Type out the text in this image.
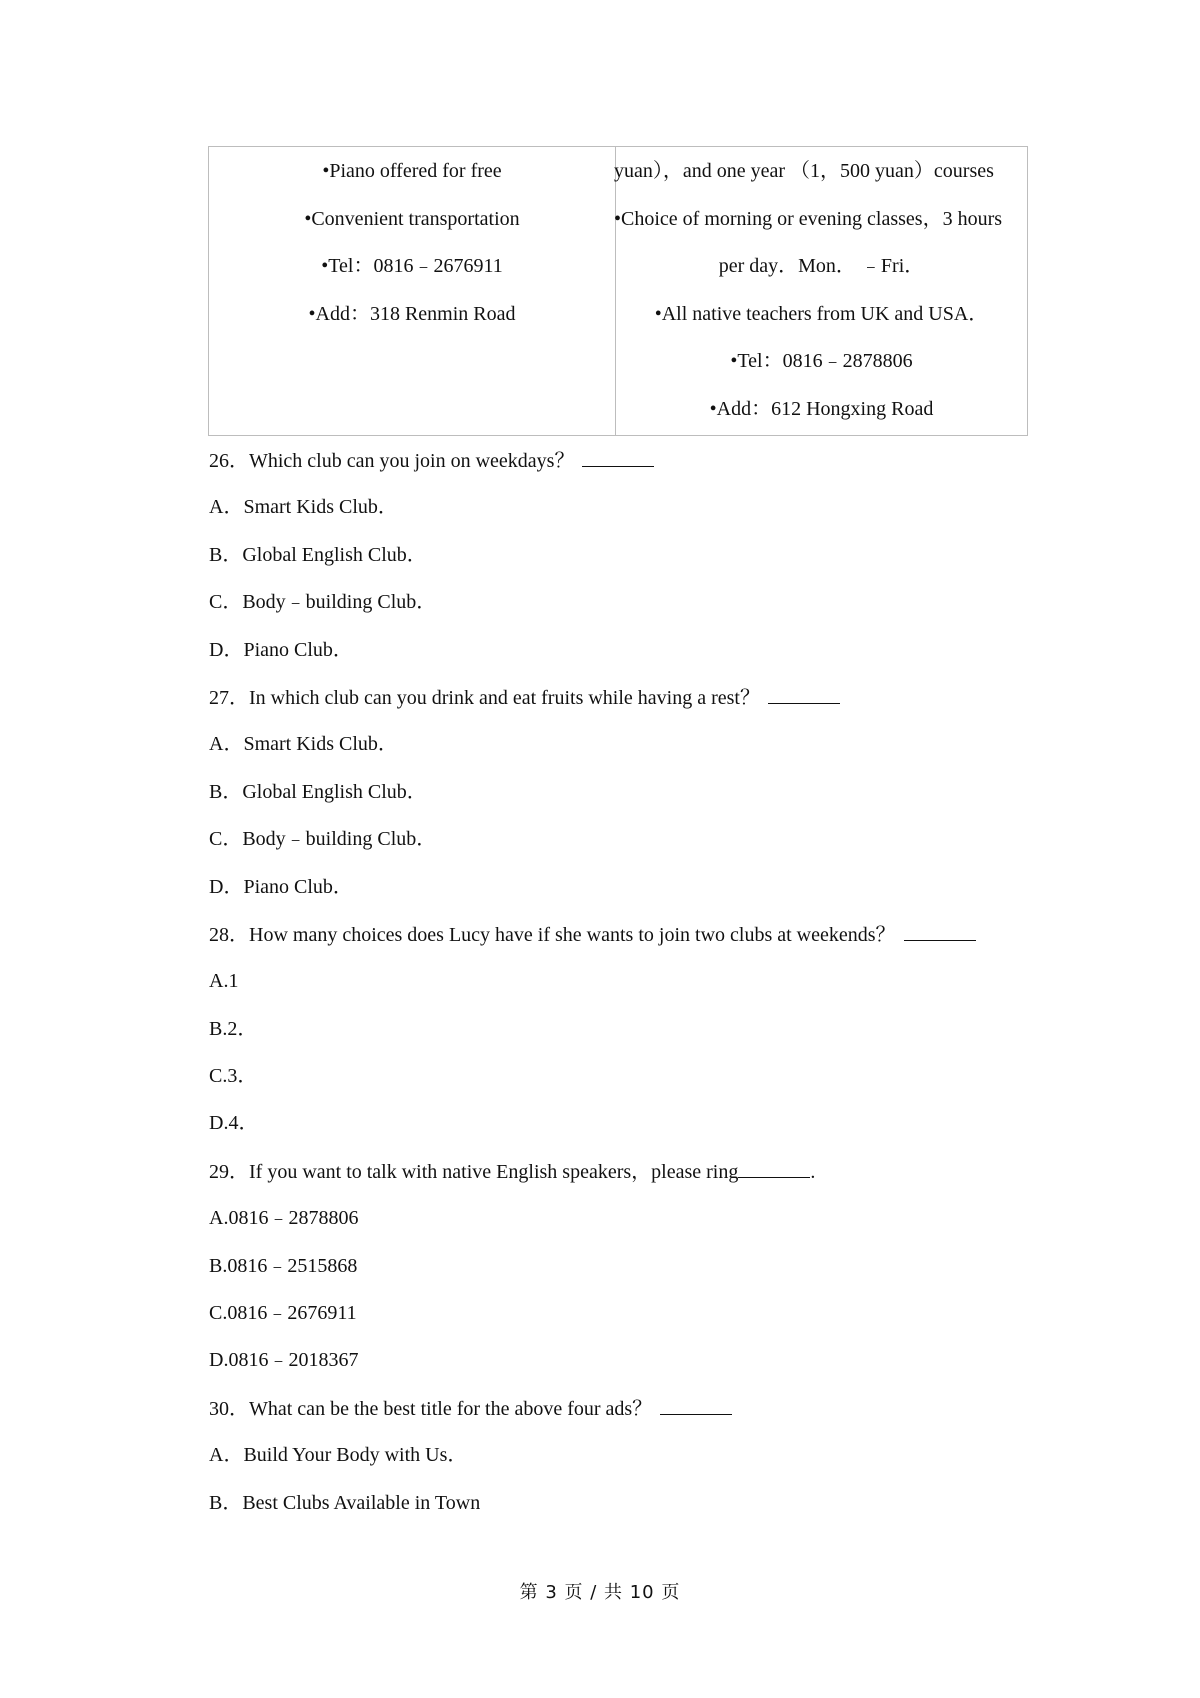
•Piano offered for free
•Convenient transportation
•Tel：0816﹣2676911
•Add：318 Renmin Road
yuan），and one year （1，500 yuan）courses
•Choice of morning or evening classes，3 hours
per day．Mon． ﹣Fri．
•All native teachers from UK and USA．
•Tel：0816﹣2878806
•Add：612 Hongxing Road
26．Which club can you join on weekdays？
A．Smart Kids Club．
B．Global English Club．
C．Body﹣building Club．
D．Piano Club．
27．In which club can you drink and eat fruits while having a rest？
A．Smart Kids Club．
B．Global English Club．
C．Body﹣building Club．
D．Piano Club．
28．How many choices does Lucy have if she wants to join two clubs at weekends？
A.1
B.2．
C.3．
D.4．
29．If you want to talk with native English speakers，please ring	.
A.0816﹣2878806
B.0816﹣2515868
C.0816﹣2676911
D.0816﹣2018367
30．What can be the best title for the above four ads？
A．Build Your Body with Us．
B．Best Clubs Available in Town
第 3 页 / 共 10 页
